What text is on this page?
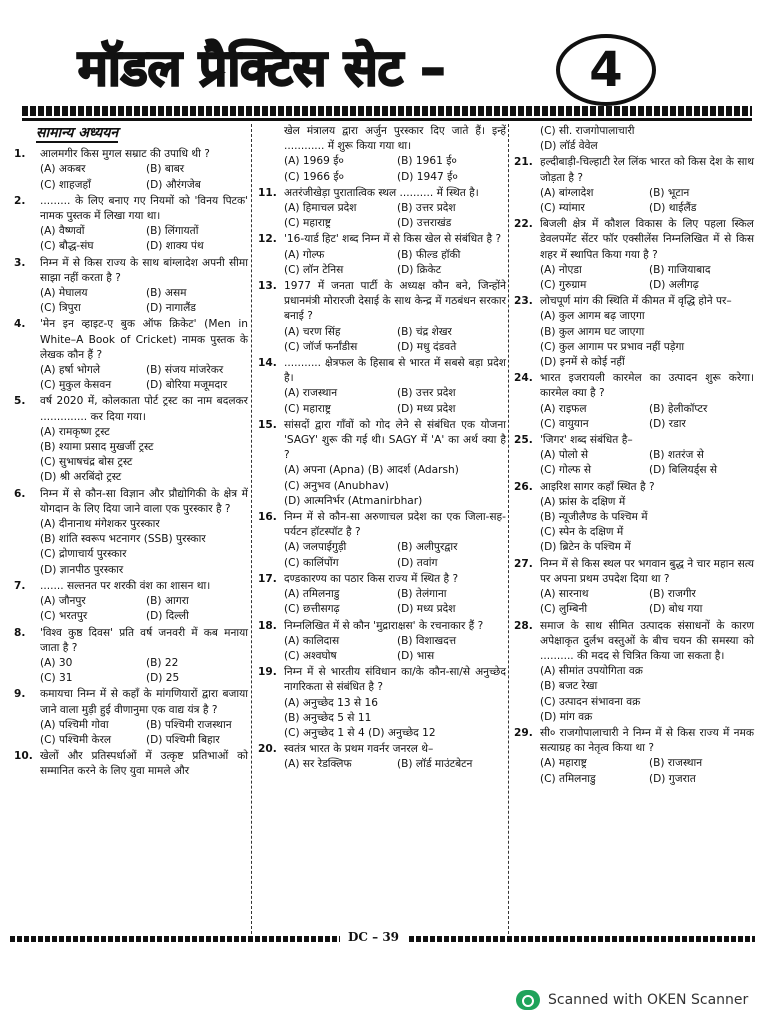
मॉडल प्रैक्टिस सेट –	4
सामान्य अध्ययन
1. आलमगीर किस मुगल सम्राट की उपाधि थी ?
(A) अकबर	(B) बाबर
(C) शाहजहाँ	(D) औरंगजेब
2. ......... के लिए बनाए गए नियमों को 'विनय पिटक' नामक पुस्तक में लिखा गया था।
(A) वैष्णवों	(B) लिंगायतों
(C) बौद्ध-संघ	(D) शाक्य पंथ
3. निम्न में से किस राज्य के साथ बांग्लादेश अपनी सीमा साझा नहीं करता है ?
(A) मेघालय	(B) असम
(C) त्रिपुरा	(D) नागालैंड
4. 'मेन इन व्हाइट-ए बुक ऑफ क्रिकेट' (Men in White–A Book of Cricket) नामक पुस्तक के लेखक कौन हैं ?
(A) हर्षा भोगले	(B) संजय मांजरेकर
(C) मुकुल केसवन	(D) बोरिया मजूमदार
5. वर्ष 2020 में, कोलकाता पोर्ट ट्रस्ट का नाम बदलकर .............. कर दिया गया।
(A) रामकृष्ण ट्रस्ट
(B) श्यामा प्रसाद मुखर्जी ट्रस्ट
(C) सुभाषचंद्र बोस ट्रस्ट
(D) श्री अरबिंदो ट्रस्ट
6. निम्न में से कौन-सा विज्ञान और प्रौद्योगिकी के क्षेत्र में योगदान के लिए दिया जाने वाला एक पुरस्कार है ?
(A) दीनानाथ मंगेशकर पुरस्कार
(B) शांति स्वरूप भटनागर (SSB) पुरस्कार
(C) द्रोणाचार्य पुरस्कार
(D) ज्ञानपीठ पुरस्कार
7. ....... सल्तनत पर शरकी वंश का शासन था।
(A) जौनपुर	(B) आगरा
(C) भरतपुर	(D) दिल्ली
8. 'विश्व कुष्ठ दिवस' प्रति वर्ष जनवरी में कब मनाया जाता है ?
(A) 30	(B) 22
(C) 31	(D) 25
9. कमायचा निम्न में से कहाँ के मांगणियारों द्वारा बजाया जाने वाला मुड़ी हुई वीणानुमा एक वाद्य यंत्र है ?
(A) पश्चिमी गोवा	(B) पश्चिमी राजस्थान
(C) पश्चिमी केरल	(D) पश्चिमी बिहार
10. खेलों और प्रतिस्पर्धाओं में उत्कृष्ट प्रतिभाओं को सम्मानित करने के लिए युवा मामले और
खेल मंत्रालय द्वारा अर्जुन पुरस्कार दिए जाते हैं। इन्हें ............ में शुरू किया गया था।
(A) 1969 ई०	(B) 1961 ई०
(C) 1966 ई०	(D) 1947 ई०
11. अतरंजीखेड़ा पुरातात्विक स्थल .......... में स्थित है।
(A) हिमाचल प्रदेश	(B) उत्तर प्रदेश
(C) महाराष्ट्र	(D) उत्तराखंड
12. '16-यार्ड हिट' शब्द निम्न में से किस खेल से संबंधित है ?
(A) गोल्फ	(B) फील्ड हॉकी
(C) लॉन टेनिस	(D) क्रिकेट
13. 1977 में जनता पार्टी के अध्यक्ष कौन बने, जिन्होंने प्रधानमंत्री मोरारजी देसाई के साथ केन्द्र में गठबंधन सरकार बनाई ?
(A) चरण सिंह	(B) चंद्र शेखर
(C) जॉर्ज फर्नांडीस	(D) मधु दंडवते
14. ........... क्षेत्रफल के हिसाब से भारत में सबसे बड़ा प्रदेश है।
(A) राजस्थान	(B) उत्तर प्रदेश
(C) महाराष्ट्र	(D) मध्य प्रदेश
15. सांसदों द्वारा गाँवों को गोद लेने से संबंधित एक योजना 'SAGY' शुरू की गई थी। SAGY में 'A' का अर्थ क्या है ?
(A) अपना (Apna) (B) आदर्श (Adarsh)
(C) अनुभव (Anubhav)
(D) आत्मनिर्भर (Atmanirbhar)
16. निम्न में से कौन-सा अरुणाचल प्रदेश का एक जिला-सह-पर्यटन हॉटस्पॉट है ?
(A) जलपाईगुड़ी	(B) अलीपुरद्वार
(C) कालिंपोंग	(D) तवांग
17. दण्डकारण्य का पठार किस राज्य में स्थित है ?
(A) तमिलनाडु	(B) तेलंगाना
(C) छत्तीसगढ़	(D) मध्य प्रदेश
18. निम्नलिखित में से कौन 'मुद्राराक्षस' के रचनाकार हैं ?
(A) कालिदास	(B) विशाखदत्त
(C) अश्वघोष	(D) भास
19. निम्न में से भारतीय संविधान का/के कौन-सा/से अनुच्छेद नागरिकता से संबंधित है ?
(A) अनुच्छेद 13 से 16
(B) अनुच्छेद 5 से 11
(C) अनुच्छेद 1 से 4 (D) अनुच्छेद 12
20. स्वतंत्र भारत के प्रथम गवर्नर जनरल थे–
(A) सर रेडक्लिफ	(B) लॉर्ड माउंटबेटन
(C) सी. राजगोपालाचारी
(D) लॉर्ड वेवेल
21. हल्दीबाड़ी-चिल्हाटी रेल लिंक भारत को किस देश के साथ जोड़ता है ?
(A) बांग्लादेश	(B) भूटान
(C) म्यांमार	(D) थाईलैंड
22. बिजली क्षेत्र में कौशल विकास के लिए पहला स्किल डेवलपमेंट सेंटर फॉर एक्सीलेंस निम्नलिखित में से किस शहर में स्थापित किया गया है ?
(A) नोएडा	(B) गाजियाबाद
(C) गुरुग्राम	(D) अलीगढ़
23. लोचपूर्ण मांग की स्थिति में कीमत में वृद्धि होने पर–
(A) कुल आगम बढ़ जाएगा
(B) कुल आगम घट जाएगा
(C) कुल आगाम पर प्रभाव नहीं पड़ेगा
(D) इनमें से कोई नहीं
24. भारत इजरायली कारमेल का उत्पादन शुरू करेगा। कारमेल क्या है ?
(A) राइफल	(B) हेलीकॉप्टर
(C) वायुयान	(D) रडार
25. 'जिगर' शब्द संबंधित है–
(A) पोलो से	(B) शतरंज से
(C) गोल्फ से	(D) बिलियर्ड्स से
26. आइरिश सागर कहाँ स्थित है ?
(A) फ्रांस के दक्षिण में
(B) न्यूजीलैण्ड के पश्चिम में
(C) स्पेन के दक्षिण में
(D) ब्रिटेन के पश्चिम में
27. निम्न में से किस स्थल पर भगवान बुद्ध ने चार महान सत्य पर अपना प्रथम उपदेश दिया था ?
(A) सारनाथ	(B) राजगीर
(C) लुम्बिनी	(D) बोध गया
28. समाज के साथ सीमित उत्पादक संसाधनों के कारण अपेक्षाकृत दुर्लभ वस्तुओं के बीच चयन की समस्या को .......... की मदद से चित्रित किया जा सकता है।
(A) सीमांत उपयोगिता वक्र
(B) बजट रेखा
(C) उत्पादन संभावना वक्र
(D) मांग वक्र
29. सी० राजगोपालाचारी ने निम्न में से किस राज्य में नमक सत्याग्रह का नेतृत्व किया था ?
(A) महाराष्ट्र	(B) राजस्थान
(C) तमिलनाडु	(D) गुजरात
DC – 39
Scanned with OKEN Scanner
